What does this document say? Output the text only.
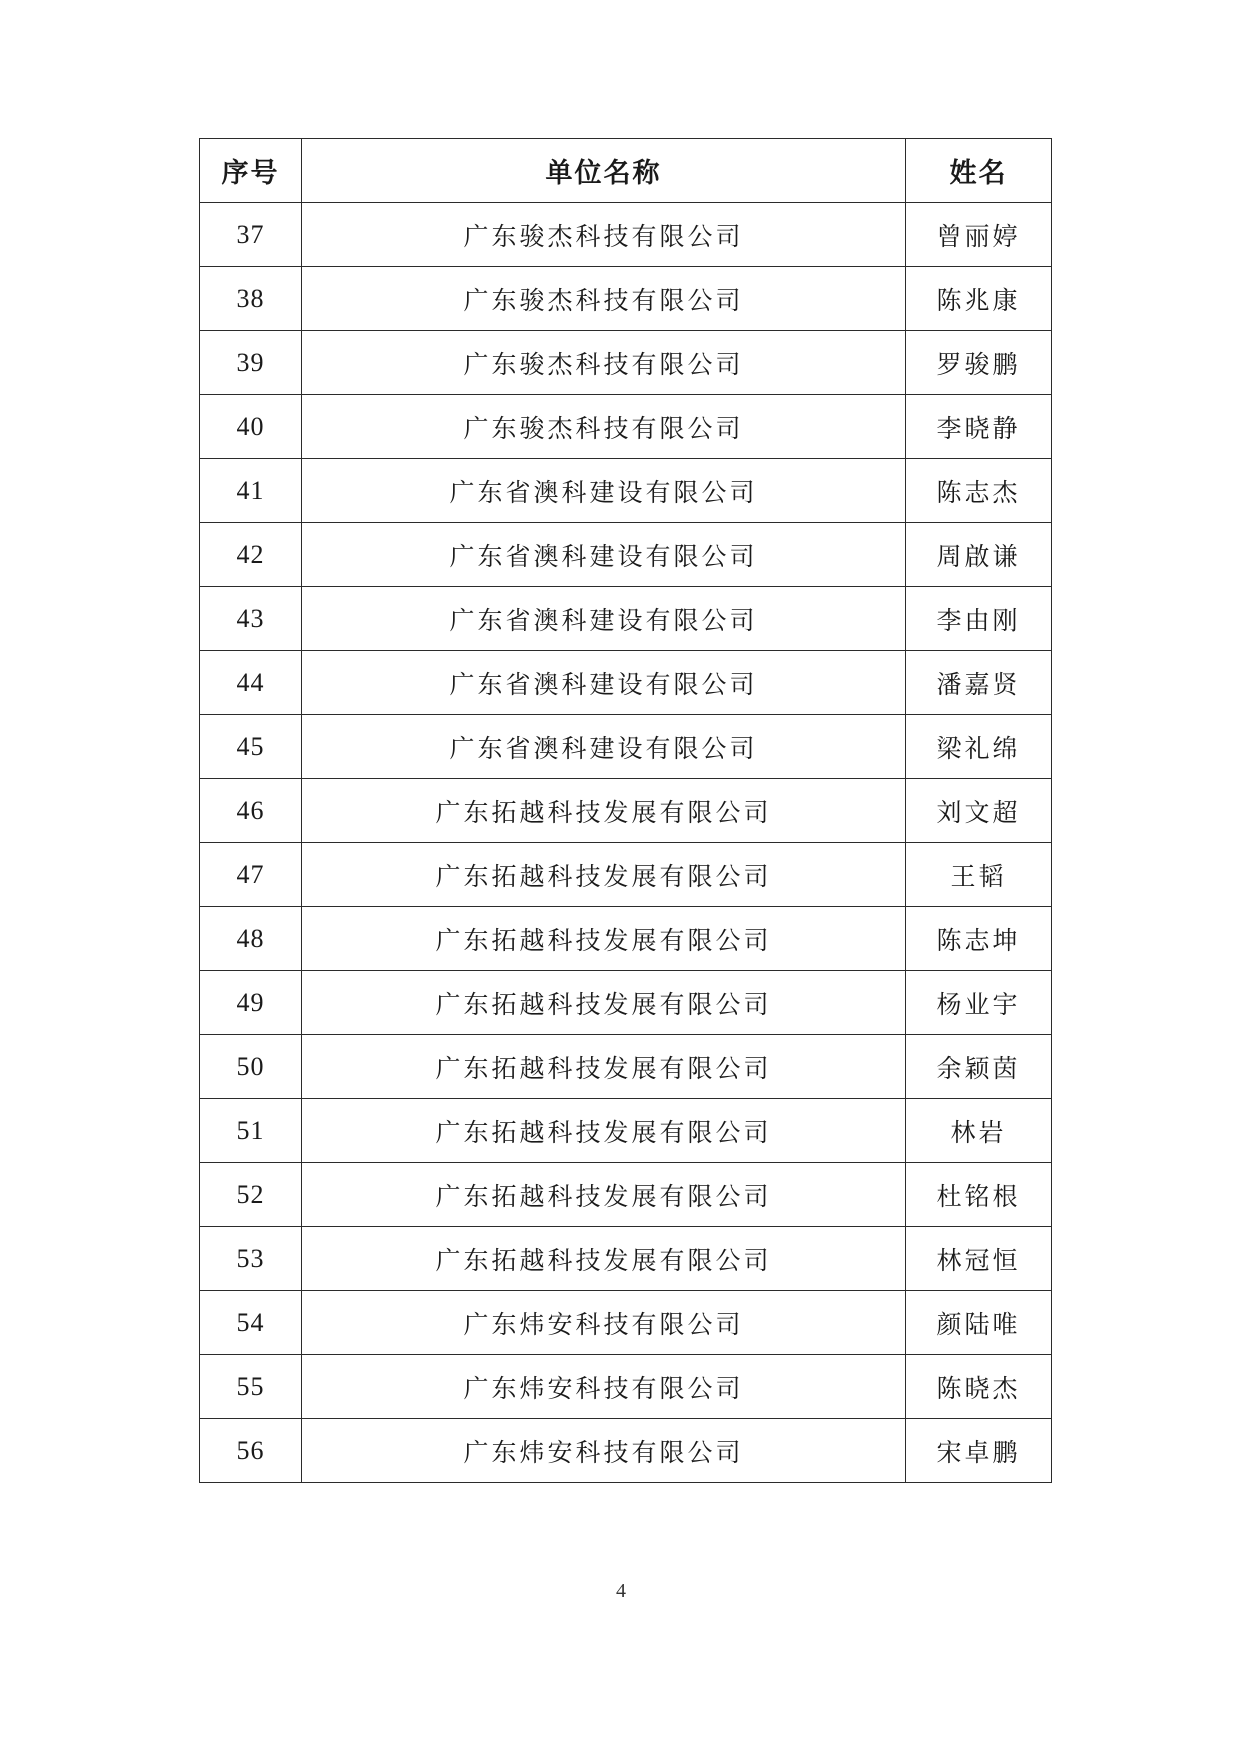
序号	单位名称	姓名
37	广东骏杰科技有限公司	曾丽婷
38	广东骏杰科技有限公司	陈兆康
39	广东骏杰科技有限公司	罗骏鹏
40	广东骏杰科技有限公司	李晓静
41	广东省澳科建设有限公司	陈志杰
42	广东省澳科建设有限公司	周啟谦
43	广东省澳科建设有限公司	李由刚
44	广东省澳科建设有限公司	潘嘉贤
45	广东省澳科建设有限公司	梁礼绵
46	广东拓越科技发展有限公司	刘文超
47	广东拓越科技发展有限公司	王韬
48	广东拓越科技发展有限公司	陈志坤
49	广东拓越科技发展有限公司	杨业宇
50	广东拓越科技发展有限公司	余颖茵
51	广东拓越科技发展有限公司	林岩
52	广东拓越科技发展有限公司	杜铭根
53	广东拓越科技发展有限公司	林冠恒
54	广东炜安科技有限公司	颜陆唯
55	广东炜安科技有限公司	陈晓杰
56	广东炜安科技有限公司	宋卓鹏
4
